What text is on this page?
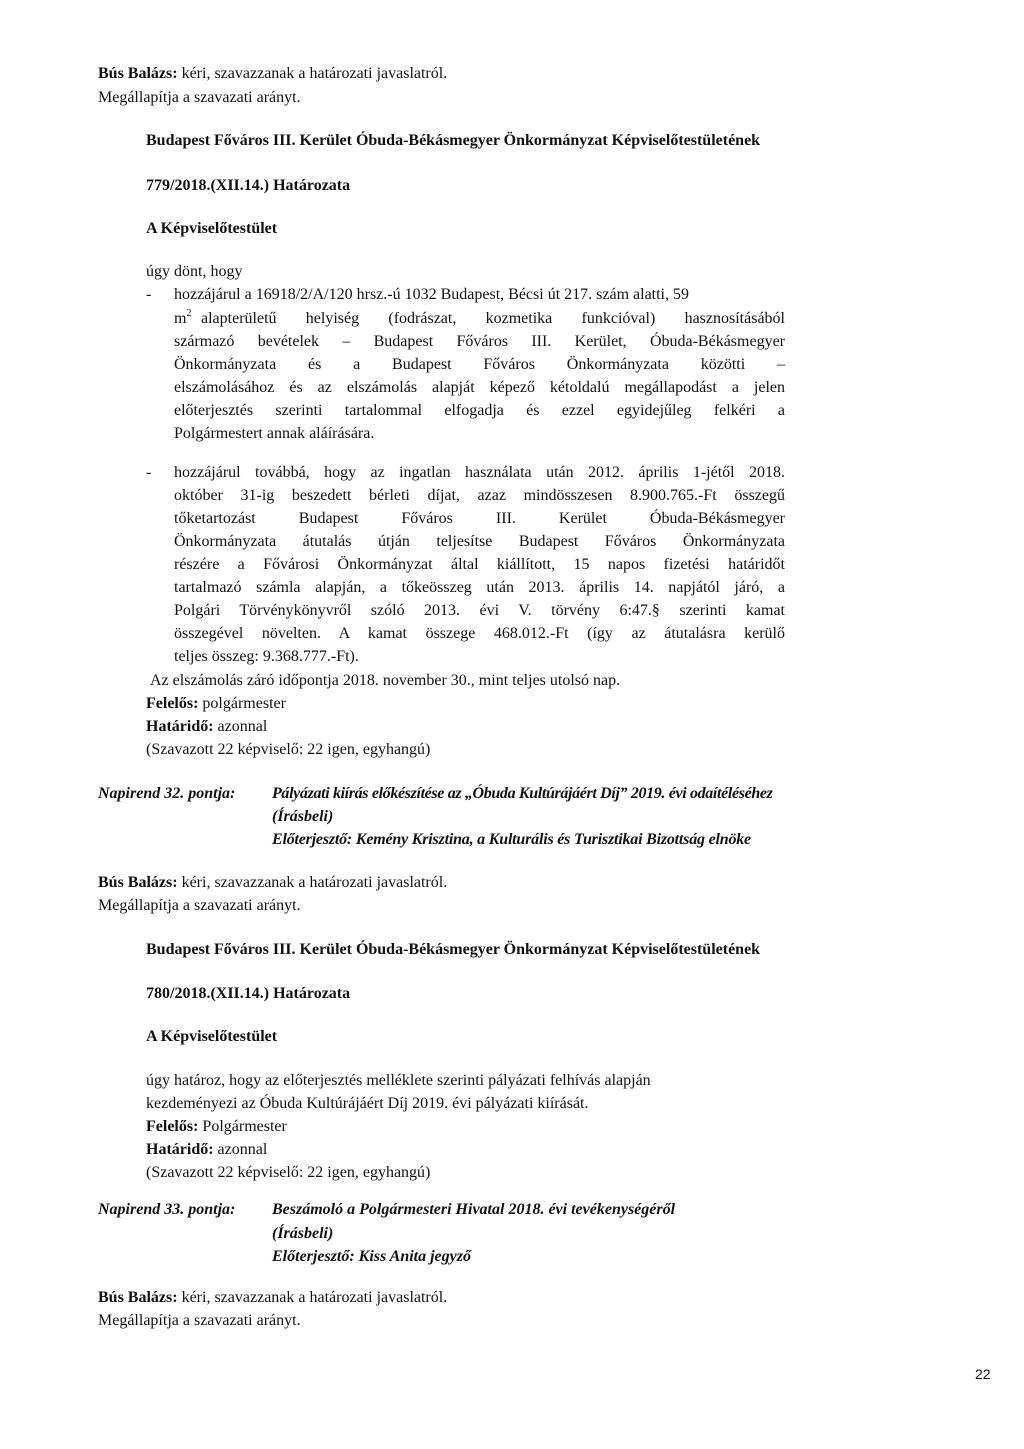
Bús Balázs: kéri, szavazzanak a határozati javaslatról.
Megállapítja a szavazati arányt.
Budapest Főváros III. Kerület Óbuda-Békásmegyer Önkormányzat Képviselőtestületének
779/2018.(XII.14.) Határozata
A Képviselőtestület
úgy dönt, hogy
- hozzájárul a 16918/2/A/120 hrsz.-ú 1032 Budapest, Bécsi út 217. szám alatti, 59
$m^2$ alapterületű helyiség (fodrászat, kozmetika funkcióval) hasznosításából
származó bevételek – Budapest Főváros III. Kerület, Óbuda-Békásmegyer
Önkormányzata és a Budapest Főváros Önkormányzata közötti –
elszámolásához és az elszámolás alapját képező kétoldalú megállapodást a jelen
előterjesztés szerinti tartalommal elfogadja és ezzel egyidejűleg felkéri a
Polgármestert annak aláírására.
- hozzájárul továbbá, hogy az ingatlan használata után 2012. április 1-jétől 2018.
október 31-ig beszedett bérleti díjat, azaz mindösszesen 8.900.765.-Ft összegű
tőketartozást Budapest Főváros III. Kerület Óbuda-Békásmegyer
Önkormányzata átutalás útján teljesítse Budapest Főváros Önkormányzata
részére a Fővárosi Önkormányzat által kiállított, 15 napos fizetési határidőt
tartalmazó számla alapján, a tőkeösszeg után 2013. április 14. napjától járó, a
Polgári Törvénykönyvről szóló 2013. évi V. törvény 6:47.§ szerinti kamat
összegével növelten. A kamat összege 468.012.-Ft (így az átutalásra kerülő
teljes összeg: 9.368.777.-Ft).
Az elszámolás záró időpontja 2018. november 30., mint teljes utolsó nap.
Felelős: polgármester
Határidő: azonnal
(Szavazott 22 képviselő: 22 igen, egyhangú)
Napirend 32. pontja: Pályázati kiírás előkészítése az „Óbuda Kultúrájáért Díj” 2019. évi odaítéléséhez
(Írásbeli)
Előterjesztő: Kemény Krisztina, a Kulturális és Turisztikai Bizottság elnöke
Bús Balázs: kéri, szavazzanak a határozati javaslatról.
Megállapítja a szavazati arányt.
Budapest Főváros III. Kerület Óbuda-Békásmegyer Önkormányzat Képviselőtestületének
780/2018.(XII.14.) Határozata
A Képviselőtestület
úgy határoz, hogy az előterjesztés melléklete szerinti pályázati felhívás alapján
kezdeményezi az Óbuda Kultúrájáért Díj 2019. évi pályázati kiírását.
Felelős: Polgármester
Határidő: azonnal
(Szavazott 22 képviselő: 22 igen, egyhangú)
Napirend 33. pontja: Beszámoló a Polgármesteri Hivatal 2018. évi tevékenységéről
(Írásbeli)
Előterjesztő: Kiss Anita jegyző
Bús Balázs: kéri, szavazzanak a határozati javaslatról.
Megállapítja a szavazati arányt.
22
